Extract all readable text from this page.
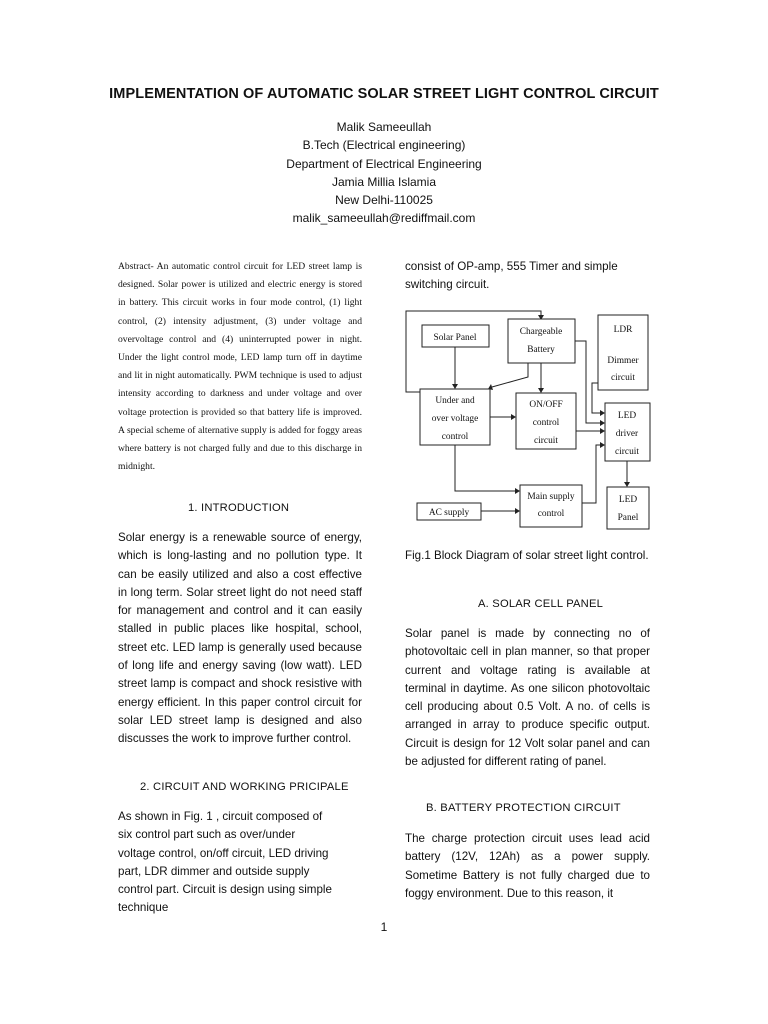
IMPLEMENTATION OF AUTOMATIC SOLAR STREET LIGHT CONTROL CIRCUIT
Malik Sameeullah
B.Tech (Electrical engineering)
Department of Electrical Engineering
Jamia Millia Islamia
New Delhi-110025
malik_sameeullah@rediffmail.com
Abstract- An automatic control circuit for LED street lamp is designed. Solar power is utilized and electric energy is stored in battery. This circuit works in four mode control, (1) light control, (2) intensity adjustment, (3) under voltage and overvoltage control and (4) uninterrupted power in night. Under the light control mode, LED lamp turn off in daytime and lit in night automatically. PWM technique is used to adjust intensity according to darkness and under voltage and over voltage protection is provided so that battery life is improved. A special scheme of alternative supply is added for foggy areas where battery is not charged fully and due to this discharge in midnight.
1. INTRODUCTION
Solar energy is a renewable source of energy, which is long-lasting and no pollution type. It can be easily utilized and also a cost effective in long term. Solar street light do not need staff for management and control and it can easily stalled in public places like hospital, school, street etc. LED lamp is generally used because of long life and energy saving (low watt). LED street lamp is compact and shock resistive with energy efficient. In this paper control circuit for solar LED street lamp is designed and also discusses the work to improve further control.
2. CIRCUIT AND WORKING PRICIPALE
As shown in Fig. 1 , circuit composed of six control part such as over/under voltage control, on/off circuit, LED driving part, LDR dimmer and outside supply control part. Circuit is design using simple technique
consist of OP-amp, 555 Timer and simple switching circuit.
Solar Panel
Chargeable
Battery
LDR
Dimmer
circuit
Under and
over voltage
control
ON/OFF
control
circuit
LED
driver
circuit
Main supply
control
AC supply
LED
Panel
Fig.1 Block Diagram of solar street light control.
A. SOLAR CELL PANEL
Solar panel is made by connecting no of photovoltaic cell in plan manner, so that proper current and voltage rating is available at terminal in daytime. As one silicon photovoltaic cell producing about 0.5 Volt. A no. of cells is arranged in array to produce specific output. Circuit is design for 12 Volt solar panel and can be adjusted for different rating of panel.
B. BATTERY PROTECTION CIRCUIT
The charge protection circuit uses lead acid battery (12V, 12Ah) as a power supply. Sometime Battery is not fully charged due to foggy environment. Due to this reason, it
1
